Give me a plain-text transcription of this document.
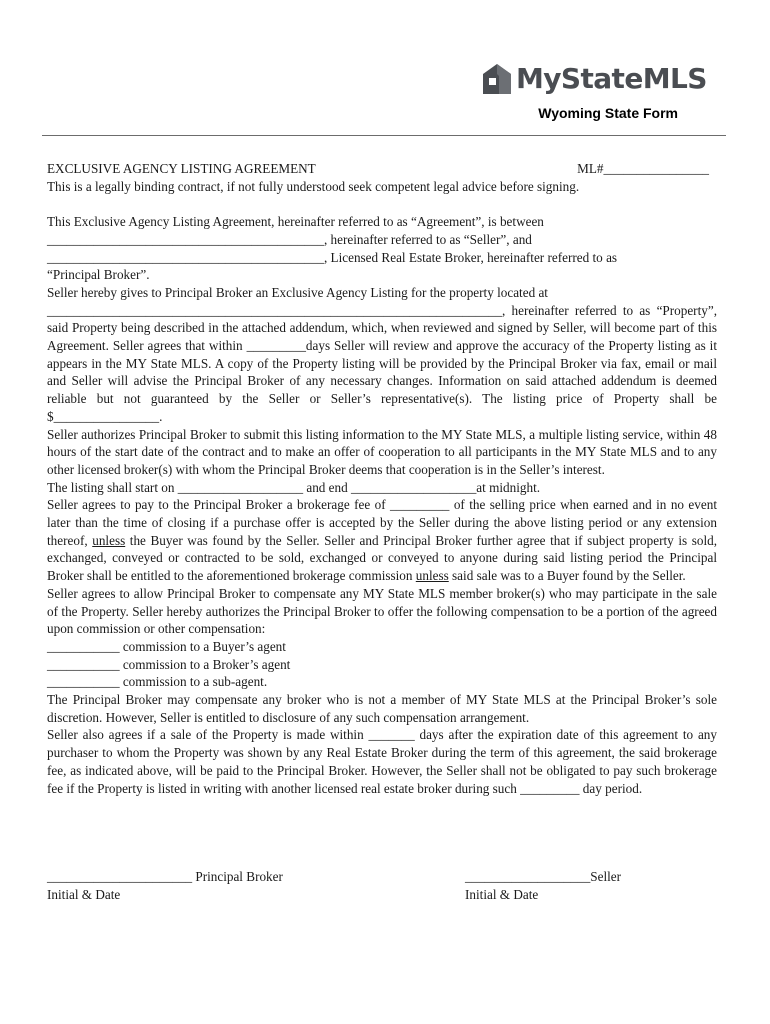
MyStateMLS
Wyoming State Form
EXCLUSIVE AGENCY LISTING AGREEMENT	ML#________________

This is a legally binding contract, if not fully understood seek competent legal advice before signing.

This Exclusive Agency Listing Agreement, hereinafter referred to as “Agreement”, is between

__________________________________________, hereinafter referred to as “Seller”, and

__________________________________________, Licensed Real Estate Broker, hereinafter referred to as

“Principal Broker”.

Seller hereby gives to Principal Broker an Exclusive Agency Listing for the property located at

_____________________________________________________________________, hereinafter referred to as “Property”, said Property being described in the attached addendum, which, when reviewed and signed by Seller, will become part of this Agreement. Seller agrees that within _________days Seller will review and approve the accuracy of the Property listing as it appears in the MY State MLS. A copy of the Property listing will be provided by the Principal Broker via fax, email or mail and Seller will advise the Principal Broker of any necessary changes. Information on said attached addendum is deemed reliable but not guaranteed by the Seller or Seller’s representative(s). The listing price of Property shall be $________________.

Seller authorizes Principal Broker to submit this listing information to the MY State MLS, a multiple listing service, within 48 hours of the start date of the contract and to make an offer of cooperation to all participants in the MY State MLS and to any other licensed broker(s) with whom the Principal Broker deems that cooperation is in the Seller’s interest.

The listing shall start on ___________________ and end ___________________at midnight.

Seller agrees to pay to the Principal Broker a brokerage fee of _________ of the selling price when earned and in no event later than the time of closing if a purchase offer is accepted by the Seller during the above listing period or any extension thereof, unless the Buyer was found by the Seller. Seller and Principal Broker further agree that if subject property is sold, exchanged, conveyed or contracted to be sold, exchanged or conveyed to anyone during said listing period the Principal Broker shall be entitled to the aforementioned brokerage commission unless said sale was to a Buyer found by the Seller.

Seller agrees to allow Principal Broker to compensate any MY State MLS member broker(s) who may participate in the sale of the Property. Seller hereby authorizes the Principal Broker to offer the following compensation to be a portion of the agreed upon commission or other compensation:

___________ commission to a Buyer’s agent

___________ commission to a Broker’s agent

___________ commission to a sub-agent.

The Principal Broker may compensate any broker who is not a member of MY State MLS at the Principal Broker’s sole discretion. However, Seller is entitled to disclosure of any such compensation arrangement.

Seller also agrees if a sale of the Property is made within _______ days after the expiration date of this agreement to any purchaser to whom the Property was shown by any Real Estate Broker during the term of this agreement, the said brokerage fee, as indicated above, will be paid to the Principal Broker. However, the Seller shall not be obligated to pay such brokerage fee if the Property is listed in writing with another licensed real estate broker during such _________ day period.

______________________ Principal Broker
Initial & Date
___________________Seller
Initial & Date
